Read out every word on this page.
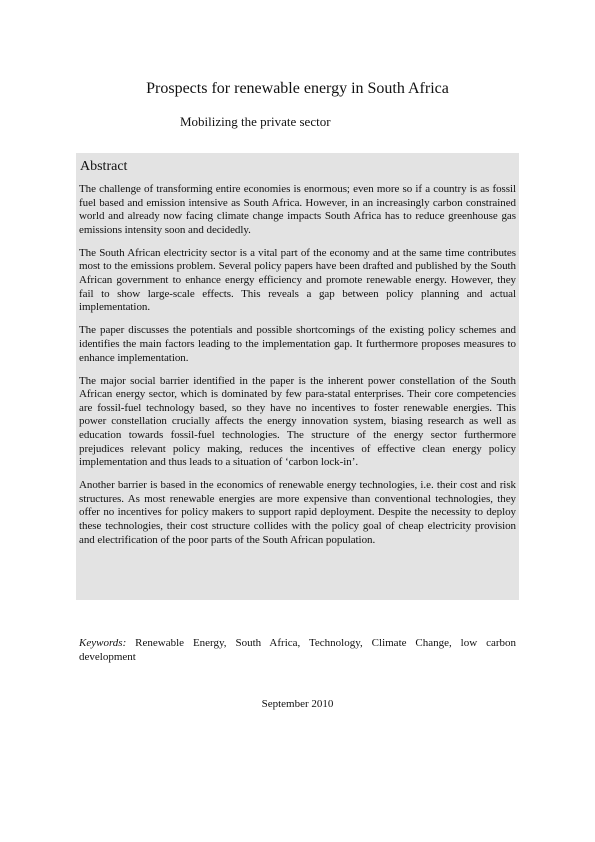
Prospects for renewable energy in South Africa

Mobilizing the private sector

Abstract

The challenge of transforming entire economies is enormous; even more so if a country is as fossil fuel based and emission intensive as South Africa. However, in an increasingly carbon constrained world and already now facing climate change impacts South Africa has to reduce greenhouse gas emissions intensity soon and decidedly.

The South African electricity sector is a vital part of the economy and at the same time contributes most to the emissions problem. Several policy papers have been drafted and published by the South African government to enhance energy efficiency and promote renewable energy. However, they fail to show large-scale effects. This reveals a gap between policy planning and actual implementation.

The paper discusses the potentials and possible shortcomings of the existing policy schemes and identifies the main factors leading to the implementation gap. It furthermore proposes measures to enhance implementation.

The major social barrier identified in the paper is the inherent power constellation of the South African energy sector, which is dominated by few para-statal enterprises. Their core competencies are fossil-fuel technology based, so they have no incentives to foster renewable energies. This power constellation crucially affects the energy innovation system, biasing research as well as education towards fossil-fuel technologies. The structure of the energy sector furthermore prejudices relevant policy making, reduces the incentives of effective clean energy policy implementation and thus leads to a situation of ‘carbon lock-in’.

Another barrier is based in the economics of renewable energy technologies, i.e. their cost and risk structures. As most renewable energies are more expensive than conventional technologies, they offer no incentives for policy makers to support rapid deployment. Despite the necessity to deploy these technologies, their cost structure collides with the policy goal of cheap electricity provision and electrification of the poor parts of the South African population.

Keywords: Renewable Energy, South Africa, Technology, Climate Change, low carbon development

September 2010
